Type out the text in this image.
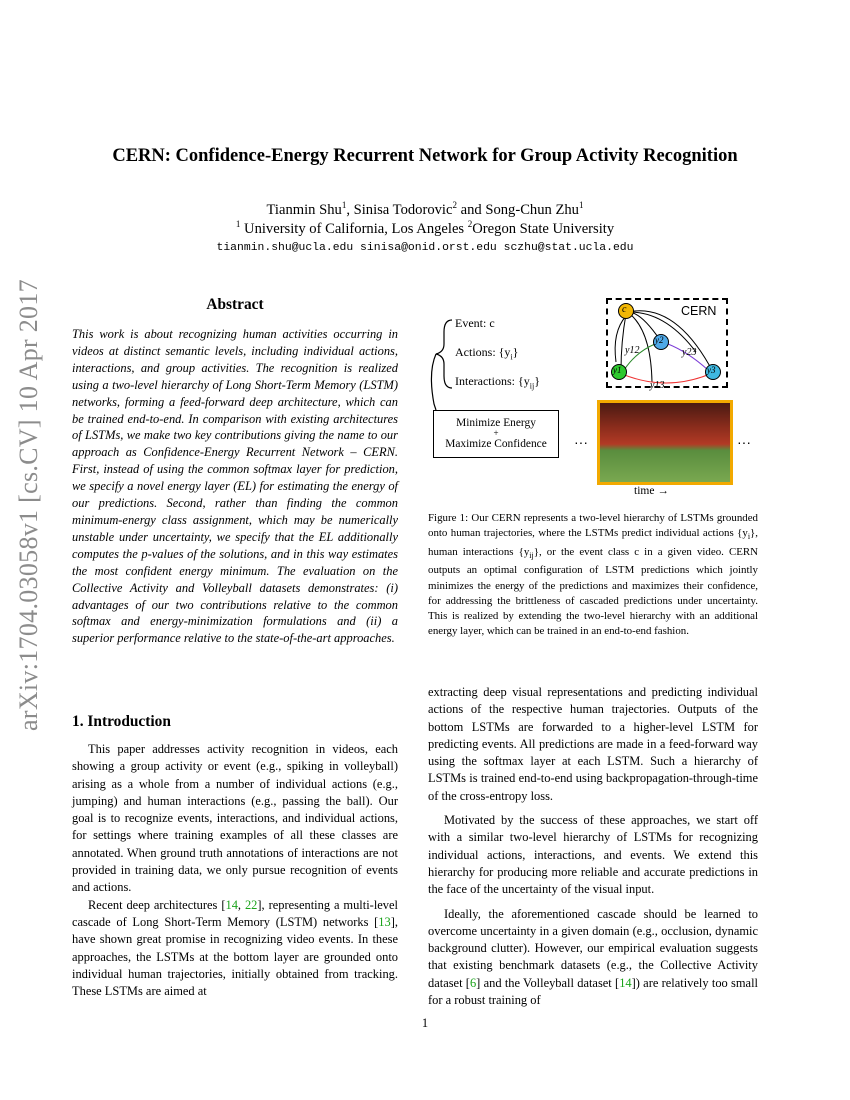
arXiv:1704.03058v1 [cs.CV] 10 Apr 2017
CERN: Confidence-Energy Recurrent Network for Group Activity Recognition
Tianmin Shu$^1$, Sinisa Todorovic$^2$ and Song-Chun Zhu$^1$
$^1$ University of California, Los Angeles $^2$Oregon State University
tianmin.shu@ucla.edu sinisa@onid.orst.edu sczhu@stat.ucla.edu
Abstract
This work is about recognizing human activities occurring in videos at distinct semantic levels, including individual actions, interactions, and group activities. The recognition is realized using a two-level hierarchy of Long Short-Term Memory (LSTM) networks, forming a feed-forward deep architecture, which can be trained end-to-end. In comparison with existing architectures of LSTMs, we make two key contributions giving the name to our approach as Confidence-Energy Recurrent Network – CERN. First, instead of using the common softmax layer for prediction, we specify a novel energy layer (EL) for estimating the energy of our predictions. Second, rather than finding the common minimum-energy class assignment, which may be numerically unstable under uncertainty, we specify that the EL additionally computes the p-values of the solutions, and in this way estimates the most confident energy minimum. The evaluation on the Collective Activity and Volleyball datasets demonstrates: (i) advantages of our two contributions relative to the common softmax and energy-minimization formulations and (ii) a superior performance relative to the state-of-the-art approaches.
Event: c
Actions: $\{y_i\}$
Interactions: $\{y_{ij}\}$
Minimize Energy
+
Maximize Confidence
CERN
c
y2
y1	y3
y12	y23
y13
···	···
time →
Figure 1: Our CERN represents a two-level hierarchy of LSTMs grounded onto human trajectories, where the LSTMs predict individual actions $\{y_i\}$, human interactions $\{y_{ij}\}$, or the event class c in a given video. CERN outputs an optimal configuration of LSTM predictions which jointly minimizes the energy of the predictions and maximizes their confidence, for addressing the brittleness of cascaded predictions under uncertainty. This is realized by extending the two-level hierarchy with an additional energy layer, which can be trained in an end-to-end fashion.
1. Introduction

This paper addresses activity recognition in videos, each showing a group activity or event (e.g., spiking in volleyball) arising as a whole from a number of individual actions (e.g., jumping) and human interactions (e.g., passing the ball). Our goal is to recognize events, interactions, and individual actions, for settings where training examples of all these classes are annotated. When ground truth annotations of interactions are not provided in training data, we only pursue recognition of events and actions.

Recent deep architectures [14, 22], representing a multi-level cascade of Long Short-Term Memory (LSTM) networks [13], have shown great promise in recognizing video events. In these approaches, the LSTMs at the bottom layer are grounded onto individual human trajectories, initially obtained from tracking. These LSTMs are aimed at

extracting deep visual representations and predicting individual actions of the respective human trajectories. Outputs of the bottom LSTMs are forwarded to a higher-level LSTM for predicting events. All predictions are made in a feed-forward way using the softmax layer at each LSTM. Such a hierarchy of LSTMs is trained end-to-end using backpropagation-through-time of the cross-entropy loss.

Motivated by the success of these approaches, we start off with a similar two-level hierarchy of LSTMs for recognizing individual actions, interactions, and events. We extend this hierarchy for producing more reliable and accurate predictions in the face of the uncertainty of the visual input.

Ideally, the aforementioned cascade should be learned to overcome uncertainty in a given domain (e.g., occlusion, dynamic background clutter). However, our empirical evaluation suggests that existing benchmark datasets (e.g., the Collective Activity dataset [6] and the Volleyball dataset [14]) are relatively too small for a robust training of

1
